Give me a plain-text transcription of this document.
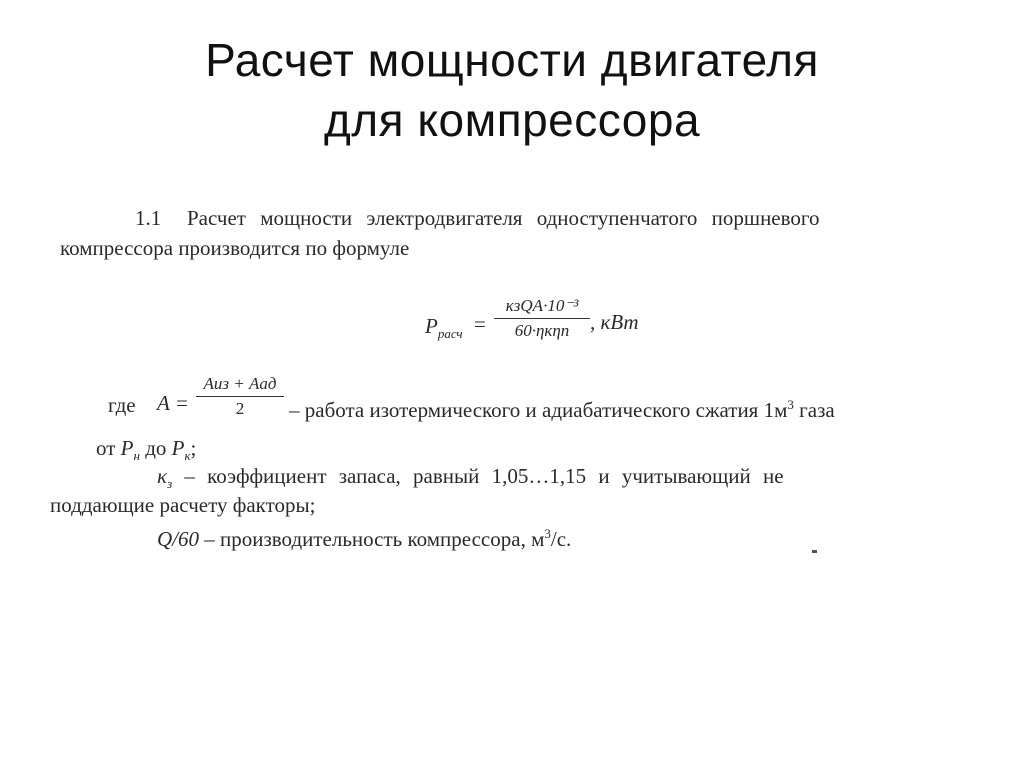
Расчет мощности двигателя
для компрессора
1.1 Расчет мощности электродвигателя одноступенчатого поршневого
компрессора производится по формуле
$P_{расч}$ =
κзQA·10⁻³
60·ηкηп , кВт
где A =
Aиз + Aад
2	– работа изотермического и адиабатического сжатия $1м^3$ газа
от $P_н$ до $P_к$;
$\kappa_з$ – коэффициент запаса, равный 1,05…1,15 и учитывающий не
поддающие расчету факторы;
Q/60 – производительность компрессора, $м^3/с$.
